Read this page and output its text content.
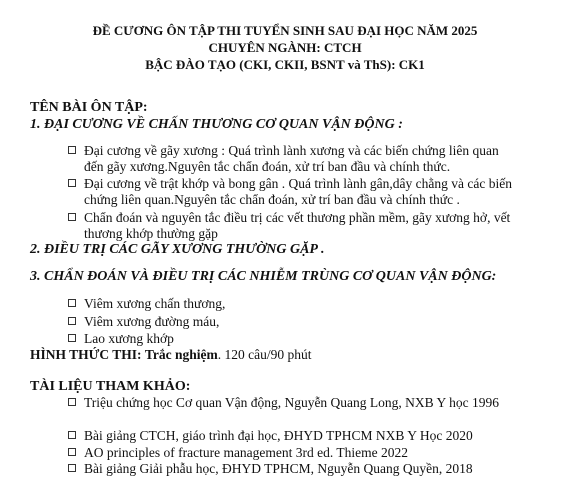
ĐỀ CƯƠNG ÔN TẬP THI TUYỂN SINH SAU ĐẠI HỌC NĂM 2025
CHUYÊN NGÀNH: CTCH
BẬC ĐÀO TẠO (CKI, CKII, BSNT và ThS): CK1
TÊN BÀI ÔN TẬP:
1. ĐẠI CƯƠNG VỀ CHẤN THƯƠNG CƠ QUAN VẬN ĐỘNG :
Đại cương về gãy xương : Quá trình lành xương và các biến chứng liên quan đến gãy xương.Nguyên tắc chẩn đoán, xử trí ban đầu và chính thức.
Đại cương về trật khớp và bong gân . Quá trình lành gân,dây chằng và các biến chứng liên quan.Nguyên tắc chẩn đoán, xử trí ban đầu và chính thức .
Chẩn đoán và nguyên tắc điều trị các vết thương phần mềm, gãy xương hở, vết thương khớp thường gặp
2. ĐIỀU TRỊ CÁC GÃY XƯƠNG THƯỜNG GẶP .
3. CHẨN ĐOÁN VÀ ĐIỀU TRỊ CÁC NHIỄM TRÙNG CƠ QUAN VẬN ĐỘNG:
Viêm xương chấn thương,
Viêm xương đường máu,
Lao xương khớp
HÌNH THỨC THI: Trắc nghiệm. 120 câu/90 phút
TÀI LIỆU THAM KHẢO:
Triệu chứng học Cơ quan Vận động, Nguyễn Quang Long, NXB Y học 1996
Bài giảng CTCH, giáo trình đại học, ĐHYD TPHCM NXB Y Học 2020
AO principles of fracture management 3rd ed. Thieme 2022
Bài giảng Giải phẫu học, ĐHYD TPHCM, Nguyễn Quang Quyền, 2018
